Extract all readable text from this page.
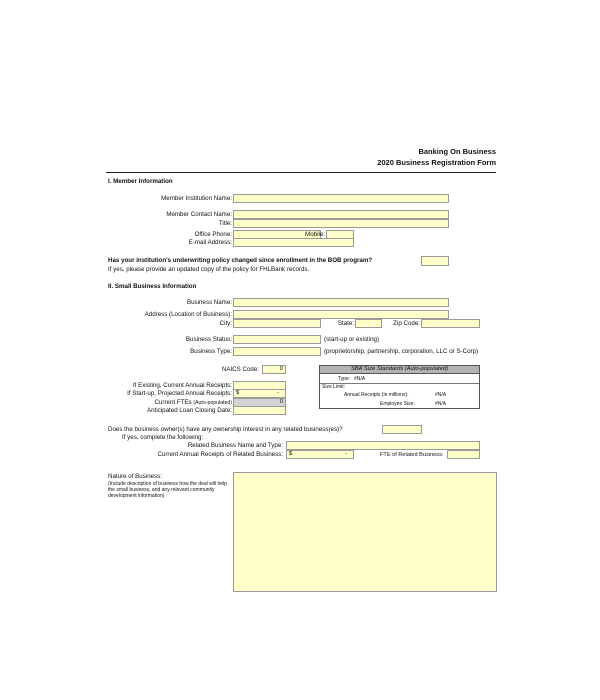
Banking On Business
2020 Business Registration Form
I. Member Information
Member Institution Name:
Member Contact Name:
Title:
Office Phone:	Mobile:
E-mail Address:
Has your institution's underwriting policy changed since enrollment in the BOB program?
If yes, please provide an updated copy of the policy for FHLBank records.
II. Small Business Information
Business Name:
Address (Location of Business):
City:	State:	Zip Code:
Business Status:	(start-up or existing)
Business Type:	(proprietorship, partnership, corporation, LLC or S-Corp)
NAICS Code:	0
If Existing, Current Annual Receipts:
If Start-up, Projected Annual Receipts: $	-
Current FTEs (Auto-populated)	0
Anticipated Loan Closing Date:
SBA Size Standards (Auto-populated)
Type: #N/A
Size Limit:
Annual Receipts (in millions):	#N/A
Employee Size:	#N/A
Does the business owner(s) have any ownership interest in any related business(es)?
If yes, complete the following:
Related Business Name and Type:
Current Annual Receipts of Related Business: $	-	FTE of Related Business:
Nature of Business:
(Include description of business how the deal will help the small business, and any relevant community development information)
